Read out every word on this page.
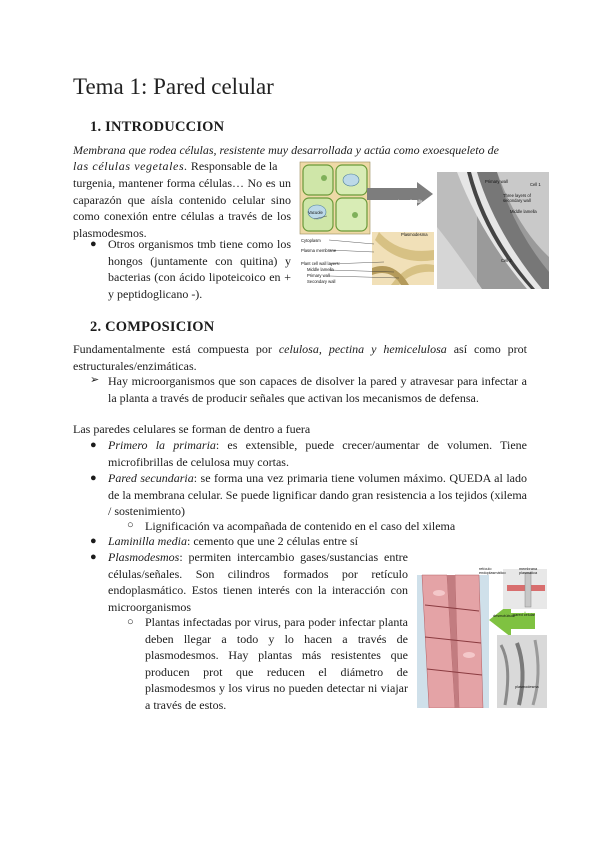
Tema 1: Pared celular
1. INTRODUCCION

Membrana que rodea células, resistente muy desarrollada y actúa como exoesqueleto de

las células vegetales. Responsable de la

turgenia, mantener forma células… No es un caparazón que aísla contenido celular sino como conexión entre células a través de los plasmodesmos.

● Otros organismos tmb tiene como los hongos (juntamente con quitina) y bacterias (con ácido lipoteicoico en + y peptidoglicano -).

Plant cell walls
Vacuole
Plasmodesma
Cytoplasm
Plasma membrane
Plant cell wall layers:
Middle lamella
Primary wall
Secondary wall
Primary wall
Cell 1
Three layers of secondary wall
Middle lamella
Cell 2
2. COMPOSICION

Fundamentalmente está compuesta por celulosa, pectina y hemicelulosa así como prot estructurales/enzimáticas.

➢ Hay microorganismos que son capaces de disolver la pared y atravesar para infectar a la planta a través de producir señales que activan los mecanismos de defensa.

Las paredes celulares se forman de dentro a fuera

● Primero la primaria: es extensible, puede crecer/aumentar de volumen. Tiene microfibrillas de celulosa muy cortas.

● Pared secundaria: se forma una vez primaria tiene volumen máximo. QUEDA al lado de la membrana celular. Se puede lignificar dando gran resistencia a los tejidos (xilema / sostenimiento)

○ Lignificación va acompañada de contenido en el caso del xilema

● Laminilla media: cemento que une 2 células entre sí

● Plasmodesmos: permiten intercambio gases/sustancias entre células/señales. Son cilindros formados por retículo endoplasmático. Estos tienen interés con la interacción con microorganismos

○ Plantas infectadas por virus, para poder infectar planta deben llegar a todo y lo hacen a través de plasmodesmos. Hay plantas más resistentes que producen prot que reducen el diámetro de plasmodesmos y los virus no pueden detectar ni viajar a través de estos.

retículo endoplasmático
membrana plasmática
pared celular
desmotúbulo
plasmodesma
